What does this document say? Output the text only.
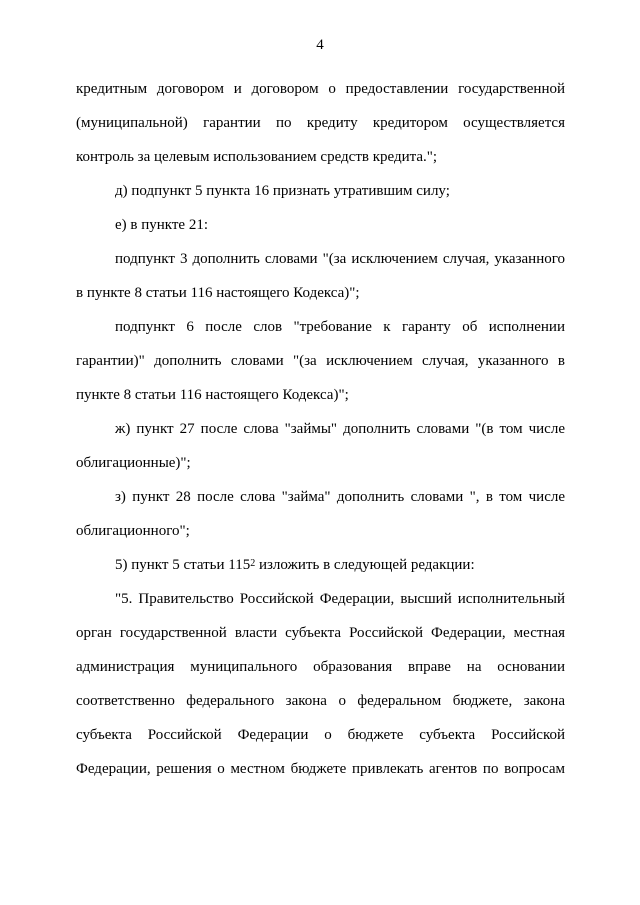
4

кредитным договором и договором о предоставлении государственной

(муниципальной) гарантии по кредиту кредитором осуществляется

контроль за целевым использованием средств кредита.";

д) подпункт 5 пункта 16 признать утратившим силу;

е) в пункте 21:

подпункт 3 дополнить словами "(за исключением случая, указанного

в пункте 8 статьи 116 настоящего Кодекса)";

подпункт 6 после слов "требование к гаранту об исполнении

гарантии)" дополнить словами "(за исключением случая, указанного в

пункте 8 статьи 116 настоящего Кодекса)";

ж) пункт 27 после слова "займы" дополнить словами "(в том числе

облигационные)";

з) пункт 28 после слова "займа" дополнить словами ", в том числе

облигационного";

5) пункт 5 статьи $115^2$ изложить в следующей редакции:

"5. Правительство Российской Федерации, высший исполнительный

орган государственной власти субъекта Российской Федерации, местная

администрация муниципального образования вправе на основании

соответственно федерального закона о федеральном бюджете, закона

субъекта Российской Федерации о бюджете субъекта Российской

Федерации, решения о местном бюджете привлекать агентов по вопросам
